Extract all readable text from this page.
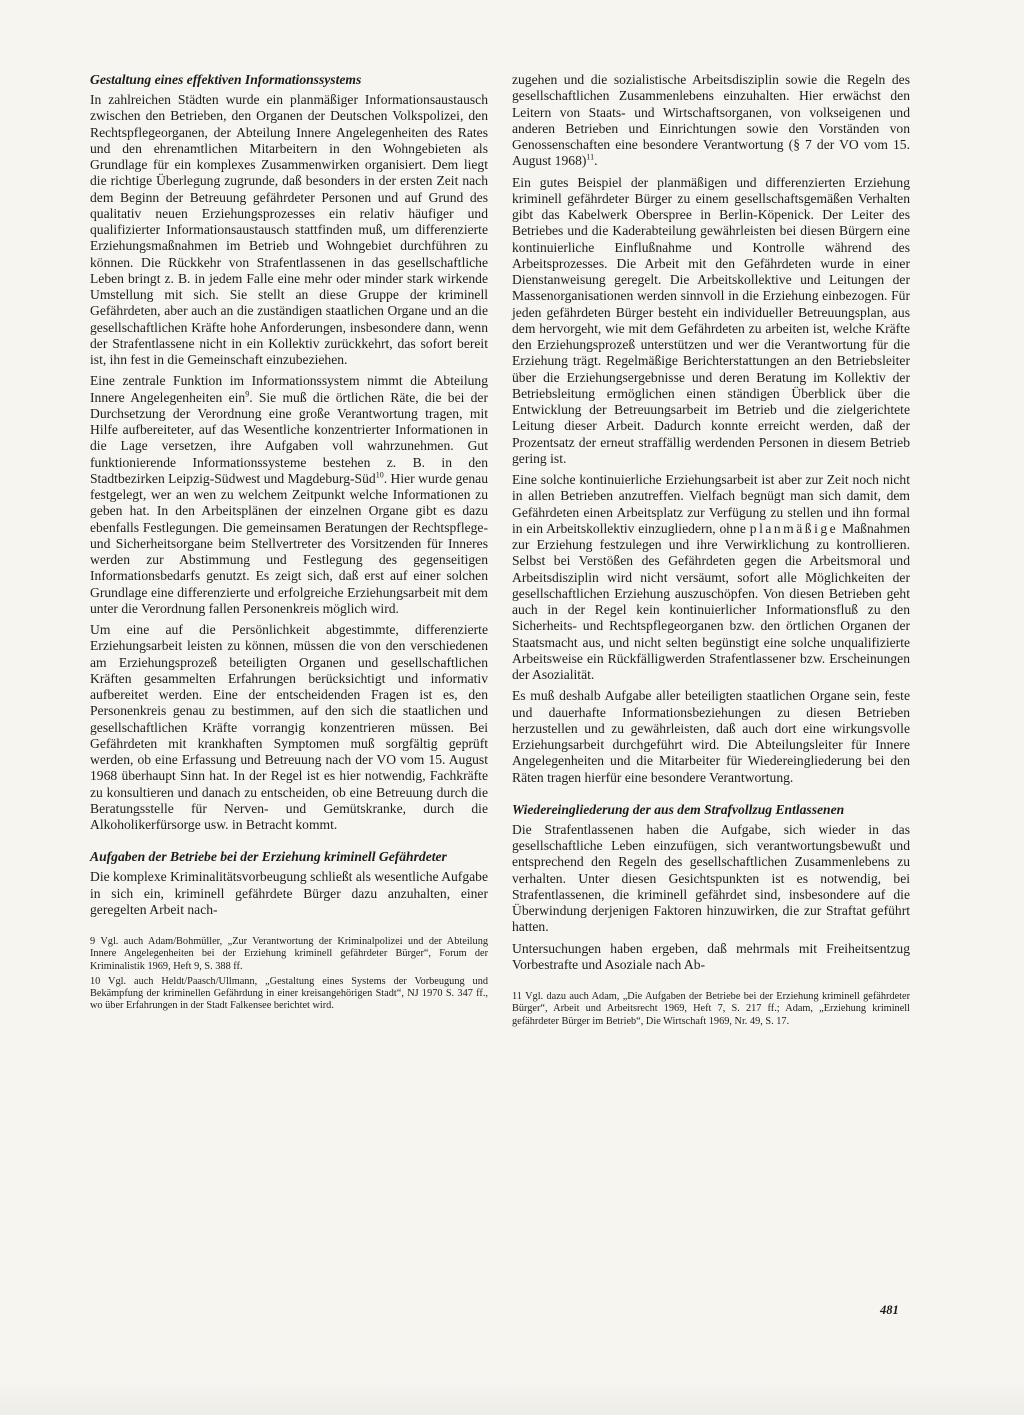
Gestaltung eines effektiven Informationssystems

In zahlreichen Städten wurde ein planmäßiger Informationsaustausch zwischen den Betrieben, den Organen der Deutschen Volkspolizei, den Rechtspflegeorganen, der Abteilung Innere Angelegenheiten des Rates und den ehrenamtlichen Mitarbeitern in den Wohngebieten als Grundlage für ein komplexes Zusammenwirken organisiert. Dem liegt die richtige Überlegung zugrunde, daß besonders in der ersten Zeit nach dem Beginn der Betreuung gefährdeter Personen und auf Grund des qualitativ neuen Erziehungsprozesses ein relativ häufiger und qualifizierter Informationsaustausch stattfinden muß, um differenzierte Erziehungsmaßnahmen im Betrieb und Wohngebiet durchführen zu können. Die Rückkehr von Strafentlassenen in das gesellschaftliche Leben bringt z. B. in jedem Falle eine mehr oder minder stark wirkende Umstellung mit sich. Sie stellt an diese Gruppe der kriminell Gefährdeten, aber auch an die zuständigen staatlichen Organe und an die gesellschaftlichen Kräfte hohe Anforderungen, insbesondere dann, wenn der Strafentlassene nicht in ein Kollektiv zurückkehrt, das sofort bereit ist, ihn fest in die Gemeinschaft einzubeziehen.

Eine zentrale Funktion im Informationssystem nimmt die Abteilung Innere Angelegenheiten ein$^9$. Sie muß die örtlichen Räte, die bei der Durchsetzung der Verordnung eine große Verantwortung tragen, mit Hilfe aufbereiteter, auf das Wesentliche konzentrierter Informationen in die Lage versetzen, ihre Aufgaben voll wahrzunehmen. Gut funktionierende Informationssysteme bestehen z. B. in den Stadtbezirken Leipzig-Südwest und Magdeburg-Süd$^{10}$. Hier wurde genau festgelegt, wer an wen zu welchem Zeitpunkt welche Informationen zu geben hat. In den Arbeitsplänen der einzelnen Organe gibt es dazu ebenfalls Festlegungen. Die gemeinsamen Beratungen der Rechtspflege- und Sicherheitsorgane beim Stellvertreter des Vorsitzenden für Inneres werden zur Abstimmung und Festlegung des gegenseitigen Informationsbedarfs genutzt. Es zeigt sich, daß erst auf einer solchen Grundlage eine differenzierte und erfolgreiche Erziehungsarbeit mit dem unter die Verordnung fallen Personenkreis möglich wird.

Um eine auf die Persönlichkeit abgestimmte, differenzierte Erziehungsarbeit leisten zu können, müssen die von den verschiedenen am Erziehungsprozeß beteiligten Organen und gesellschaftlichen Kräften gesammelten Erfahrungen berücksichtigt und informativ aufbereitet werden. Eine der entscheidenden Fragen ist es, den Personenkreis genau zu bestimmen, auf den sich die staatlichen und gesellschaftlichen Kräfte vorrangig konzentrieren müssen. Bei Gefährdeten mit krankhaften Symptomen muß sorgfältig geprüft werden, ob eine Erfassung und Betreuung nach der VO vom 15. August 1968 überhaupt Sinn hat. In der Regel ist es hier notwendig, Fachkräfte zu konsultieren und danach zu entscheiden, ob eine Betreuung durch die Beratungsstelle für Nerven- und Gemütskranke, durch die Alkoholikerfürsorge usw. in Betracht kommt.

Aufgaben der Betriebe bei der Erziehung kriminell Gefährdeter

Die komplexe Kriminalitätsvorbeugung schließt als wesentliche Aufgabe in sich ein, kriminell gefährdete Bürger dazu anzuhalten, einer geregelten Arbeit nach-

9 Vgl. auch Adam/Bohmüller, „Zur Verantwortung der Kriminalpolizei und der Abteilung Innere Angelegenheiten bei der Erziehung kriminell gefährdeter Bürger“, Forum der Kriminalistik 1969, Heft 9, S. 388 ff.
10 Vgl. auch Heldt/Paasch/Ullmann, „Gestaltung eines Systems der Vorbeugung und Bekämpfung der kriminellen Gefährdung in einer kreisangehörigen Stadt“, NJ 1970 S. 347 ff., wo über Erfahrungen in der Stadt Falkensee berichtet wird.

zugehen und die sozialistische Arbeitsdisziplin sowie die Regeln des gesellschaftlichen Zusammenlebens einzuhalten. Hier erwächst den Leitern von Staats- und Wirtschaftsorganen, von volkseigenen und anderen Betrieben und Einrichtungen sowie den Vorständen von Genossenschaften eine besondere Verantwortung (§ 7 der VO vom 15. August 1968)$^{11}$.

Ein gutes Beispiel der planmäßigen und differenzierten Erziehung kriminell gefährdeter Bürger zu einem gesellschaftsgemäßen Verhalten gibt das Kabelwerk Oberspree in Berlin-Köpenick. Der Leiter des Betriebes und die Kaderabteilung gewährleisten bei diesen Bürgern eine kontinuierliche Einflußnahme und Kontrolle während des Arbeitsprozesses. Die Arbeit mit den Gefährdeten wurde in einer Dienstanweisung geregelt. Die Arbeitskollektive und Leitungen der Massenorganisationen werden sinnvoll in die Erziehung einbezogen. Für jeden gefährdeten Bürger besteht ein individueller Betreuungsplan, aus dem hervorgeht, wie mit dem Gefährdeten zu arbeiten ist, welche Kräfte den Erziehungsprozeß unterstützen und wer die Verantwortung für die Erziehung trägt. Regelmäßige Berichterstattungen an den Betriebsleiter über die Erziehungsergebnisse und deren Beratung im Kollektiv der Betriebsleitung ermöglichen einen ständigen Überblick über die Entwicklung der Betreuungsarbeit im Betrieb und die zielgerichtete Leitung dieser Arbeit. Dadurch konnte erreicht werden, daß der Prozentsatz der erneut straffällig werdenden Personen in diesem Betrieb gering ist.

Eine solche kontinuierliche Erziehungsarbeit ist aber zur Zeit noch nicht in allen Betrieben anzutreffen. Vielfach begnügt man sich damit, dem Gefährdeten einen Arbeitsplatz zur Verfügung zu stellen und ihn formal in ein Arbeitskollektiv einzugliedern, ohne planmäßige Maßnahmen zur Erziehung festzulegen und ihre Verwirklichung zu kontrollieren. Selbst bei Verstößen des Gefährdeten gegen die Arbeitsmoral und Arbeitsdisziplin wird nicht versäumt, sofort alle Möglichkeiten der gesellschaftlichen Erziehung auszuschöpfen. Von diesen Betrieben geht auch in der Regel kein kontinuierlicher Informationsfluß zu den Sicherheits- und Rechtspflegeorganen bzw. den örtlichen Organen der Staatsmacht aus, und nicht selten begünstigt eine solche unqualifizierte Arbeitsweise ein Rückfälligwerden Strafentlassener bzw. Erscheinungen der Asozialität.

Es muß deshalb Aufgabe aller beteiligten staatlichen Organe sein, feste und dauerhafte Informationsbeziehungen zu diesen Betrieben herzustellen und zu gewährleisten, daß auch dort eine wirkungsvolle Erziehungsarbeit durchgeführt wird. Die Abteilungsleiter für Innere Angelegenheiten und die Mitarbeiter für Wiedereingliederung bei den Räten tragen hierfür eine besondere Verantwortung.

Wiedereingliederung der aus dem Strafvollzug Entlassenen

Die Strafentlassenen haben die Aufgabe, sich wieder in das gesellschaftliche Leben einzufügen, sich verantwortungsbewußt und entsprechend den Regeln des gesellschaftlichen Zusammenlebens zu verhalten. Unter diesen Gesichtspunkten ist es notwendig, bei Strafentlassenen, die kriminell gefährdet sind, insbesondere auf die Überwindung derjenigen Faktoren hinzuwirken, die zur Straftat geführt hatten.

Untersuchungen haben ergeben, daß mehrmals mit Freiheitsentzug Vorbestrafte und Asoziale nach Ab-

11 Vgl. dazu auch Adam, „Die Aufgaben der Betriebe bei der Erziehung kriminell gefährdeter Bürger“, Arbeit und Arbeitsrecht 1969, Heft 7, S. 217 ff.; Adam, „Erziehung kriminell gefährdeter Bürger im Betrieb“, Die Wirtschaft 1969, Nr. 49, S. 17.
481
